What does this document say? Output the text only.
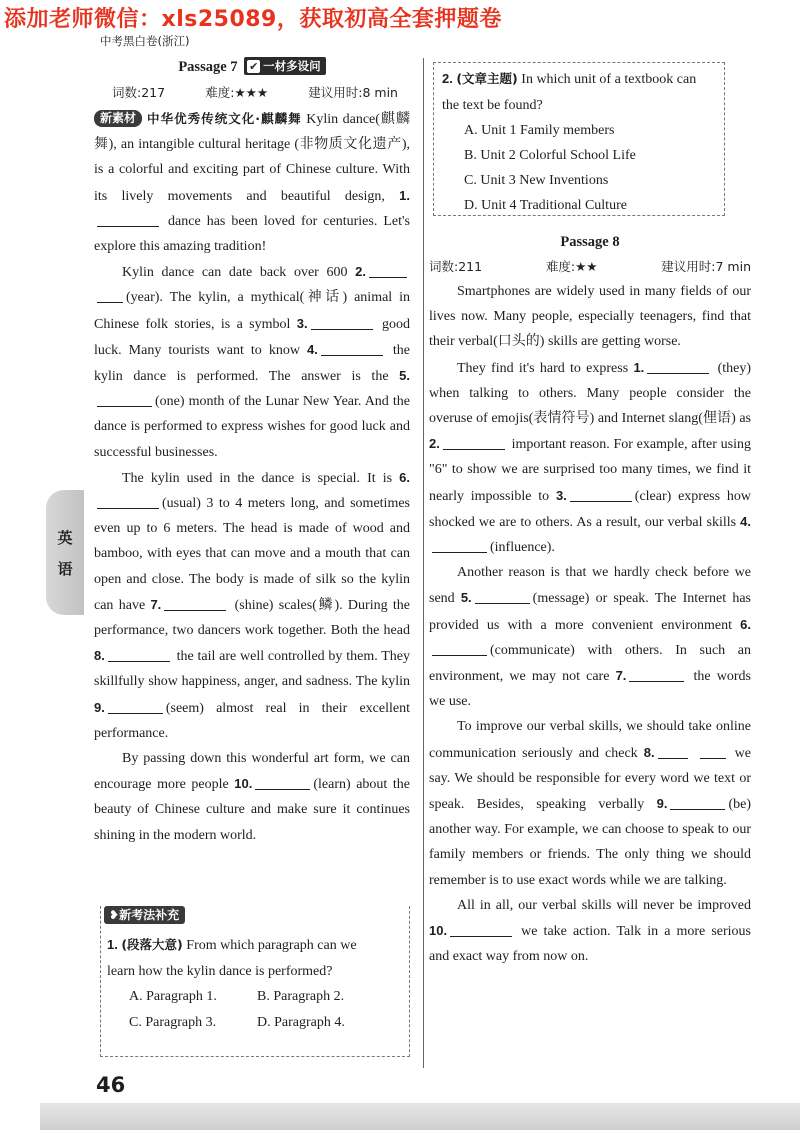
添加老师微信：xls25089，获取初高全套押题卷
中考黑白卷(浙江)
Passage 7 ✔ 一材多设问
词数:217	难度:★★★	建议用时:8 min

新素材 中华优秀传统文化·麒麟舞 Kylin dance(麒麟舞), an intangible cultural heritage (非物质文化遗产), is a colorful and exciting part of Chinese culture. With its lively movements and beautiful design, 1. dance has been loved for centuries. Let's explore this amazing tradition!

Kylin dance can date back over 600 2. (year). The kylin, a mythical(神话) animal in Chinese folk stories, is a symbol 3.	good luck. Many tourists want to know 4.	the kylin dance is performed. The answer is the 5.(one) month of the Lunar New Year. And the dance is performed to express wishes for good luck and successful businesses.

The kylin used in the dance is special. It is 6.(usual) 3 to 4 meters long, and sometimes even up to 6 meters. The head is made of wood and bamboo, with eyes that can move and a mouth that can open and close. The body is made of silk so the kylin can have 7.	(shine) scales(鳞). During the performance, two dancers work together. Both the head 8.	the tail are well controlled by them. They skillfully show happiness, anger, and sadness. The kylin 9.	(seem) almost real in their excellent performance.

By passing down this wonderful art form, we can encourage more people 10.	(learn) about the beauty of Chinese culture and make sure it continues shining in the modern world.

1. (段落大意) From which paragraph can we learn how the kylin dance is performed?
A. Paragraph 1.	B. Paragraph 2.
C. Paragraph 3.	D. Paragraph 4.
❥新考法补充
2. (文章主题) In which unit of a textbook can the text be found?
A. Unit 1 Family members
B. Unit 2 Colorful School Life
C. Unit 3 New Inventions
D. Unit 4 Traditional Culture
Passage 8
词数:211	难度:★★	建议用时:7 min

Smartphones are widely used in many fields of our lives now. Many people, especially teenagers, find that their verbal(口头的) skills are getting worse.

They find it's hard to express 1.	(they) when talking to others. Many people consider the overuse of emojis(表情符号) and Internet slang(俚语) as 2.	important reason. For example, after using "6" to show we are surprised too many times, we find it nearly impossible to 3.	(clear) express how shocked we are to others. As a result, our verbal skills 4.(influence).

Another reason is that we hardly check before we send 5.	(message) or speak. The Internet has provided us with a more convenient environment 6.(communicate) with others. In such an environment, we may not care 7.	the words we use.

To improve our verbal skills, we should take online communication seriously and check 8.	we say. We should be responsible for every word we text or speak. Besides, speaking verbally 9.	(be) another way. For example, we can choose to speak to our family members or friends. The only thing we should remember is to use exact words while we are talking.

All in all, our verbal skills will never be improved 10.	we take action. Talk in a more serious and exact way from now on.

英
语
46
